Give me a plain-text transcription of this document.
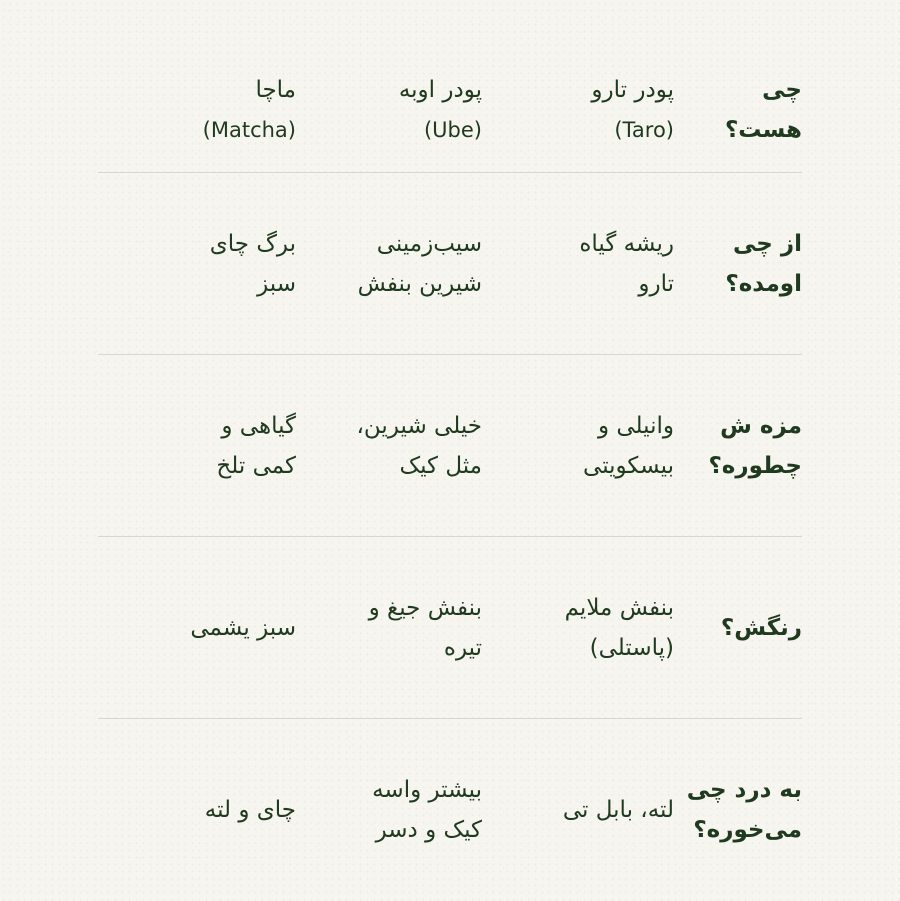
چی هست؟
پودر تارو
(Taro)
پودر اوبه
(Ube)
ماچا
(Matcha)
از چی اومده؟
ریشه گیاه تارو
سیب‌زمینی شیرین بنفش
برگ چای سبز
مزه ش چطوره؟
وانیلی و بیسکویتی
خیلی شیرین، مثل کیک
گیاهی و کمی تلخ
رنگش؟
بنفش ملایم (پاستلی)
بنفش جیغ و تیره
سبز یشمی
به درد چی می‌خوره؟
لته، بابل تی
بیشتر واسه کیک و دسر
چای و لته
